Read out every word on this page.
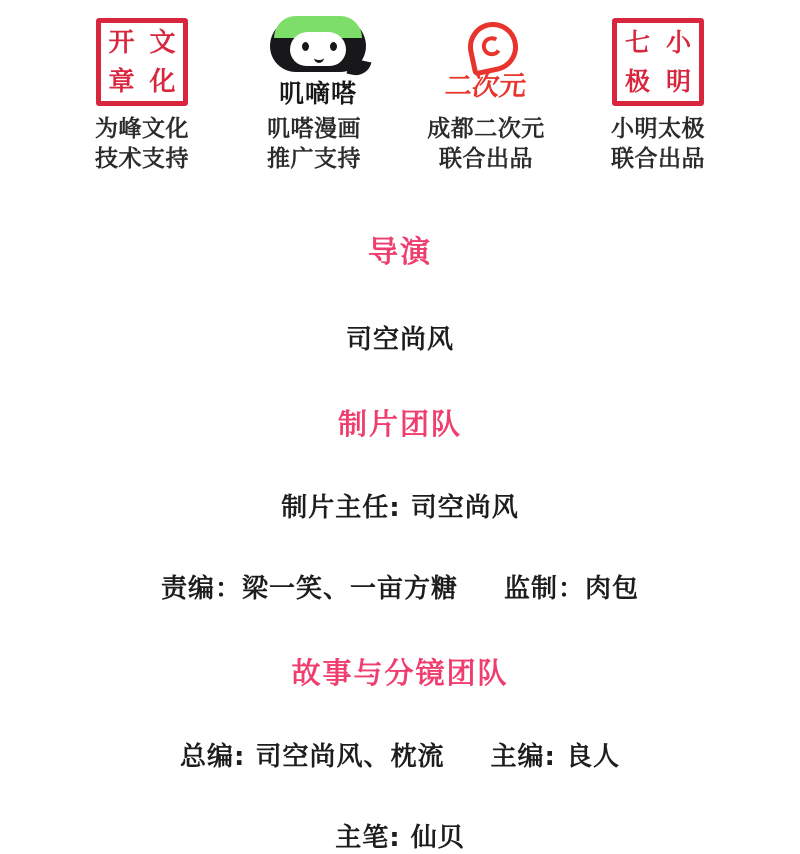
开 文
章 化
为峰文化
技术支持
叽嘀嗒
叽嗒漫画
推广支持
二次元
成都二次元
联合出品
七 小
极 明
小明太极
联合出品
导演
司空尚风
制片团队
制片主任: 司空尚风
责编：梁一笑、一亩方糖 监制：肉包
故事与分镜团队
总编: 司空尚风、枕流 主编: 良人
主笔: 仙贝
